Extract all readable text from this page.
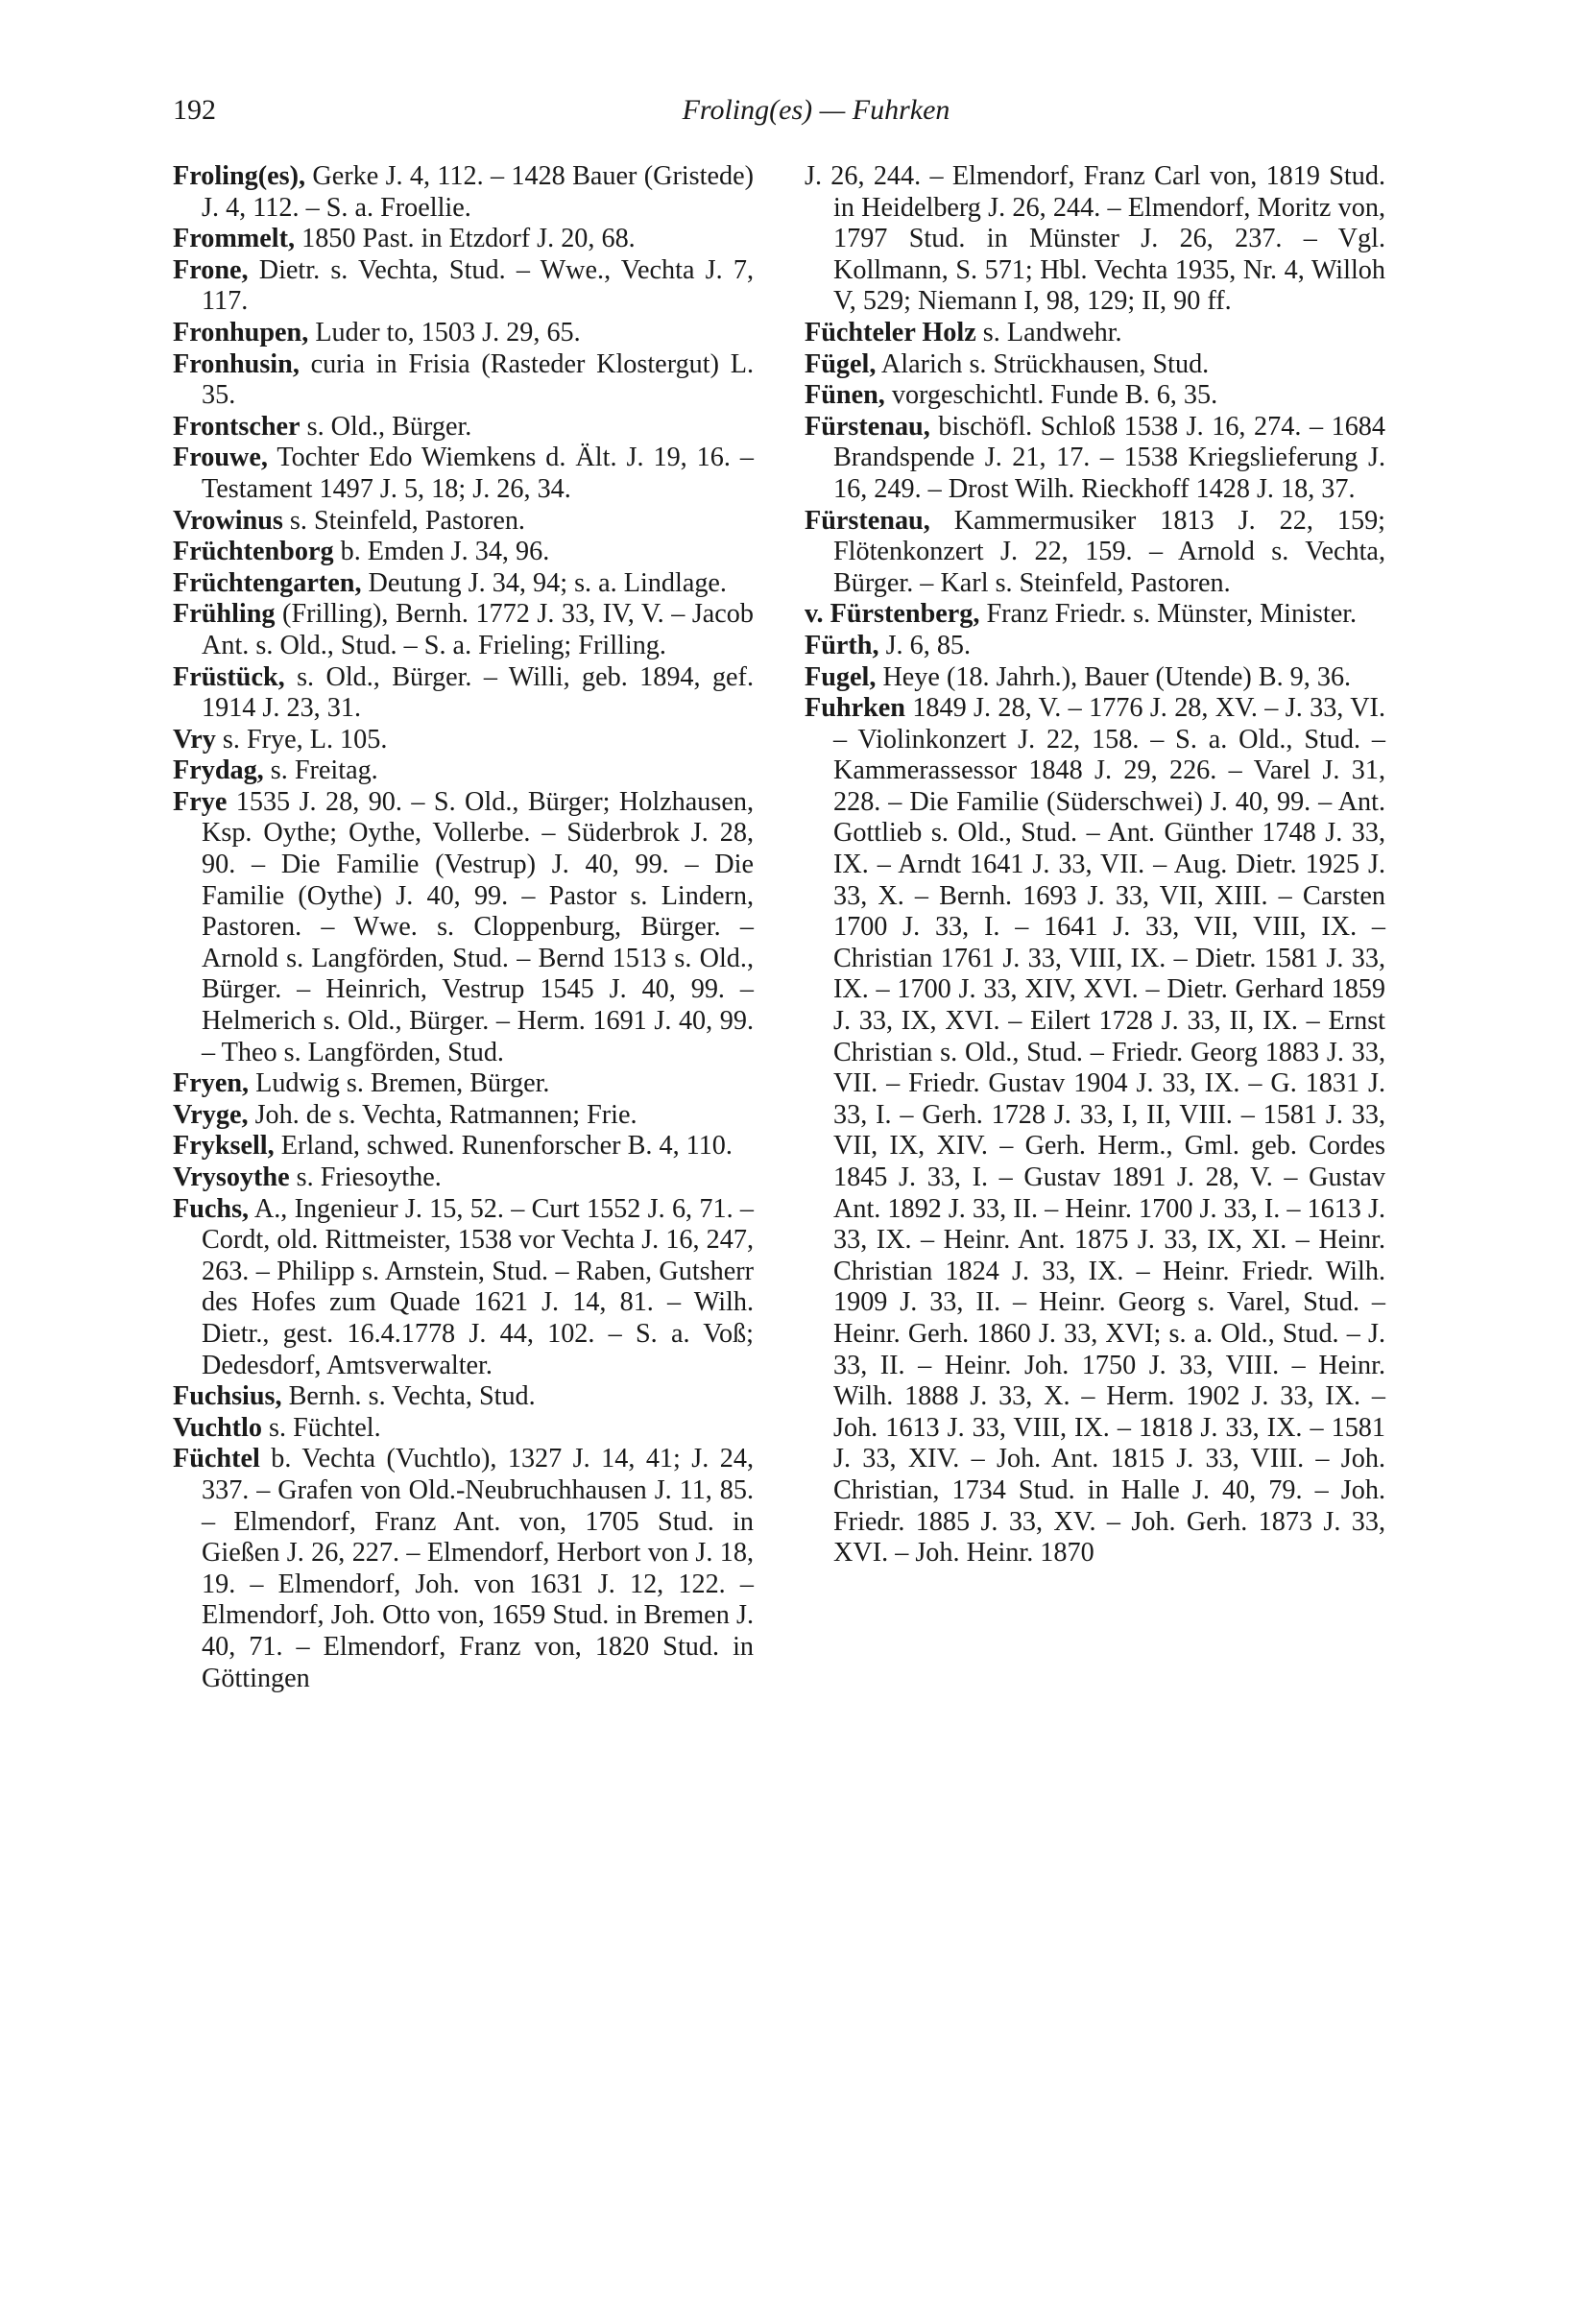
192	Froling(es) — Fuhrken

Froling(es), Gerke J. 4, 112. – 1428 Bauer (Gristede) J. 4, 112. – S. a. Froellie.

Frommelt, 1850 Past. in Etzdorf J. 20, 68.

Frone, Dietr. s. Vechta, Stud. – Wwe., Vechta J. 7, 117.

Fronhupen, Luder to, 1503 J. 29, 65.

Fronhusin, curia in Frisia (Rasteder Klostergut) L. 35.

Frontscher s. Old., Bürger.

Frouwe, Tochter Edo Wiemkens d. Ält. J. 19, 16. – Testament 1497 J. 5, 18; J. 26, 34.

Vrowinus s. Steinfeld, Pastoren.

Früchtenborg b. Emden J. 34, 96.

Früchtengarten, Deutung J. 34, 94; s. a. Lindlage.

Frühling (Frilling), Bernh. 1772 J. 33, IV, V. – Jacob Ant. s. Old., Stud. – S. a. Frieling; Frilling.

Früstück, s. Old., Bürger. – Willi, geb. 1894, gef. 1914 J. 23, 31.

Vry s. Frye, L. 105.

Frydag, s. Freitag.

Frye 1535 J. 28, 90. – S. Old., Bürger; Holzhausen, Ksp. Oythe; Oythe, Vollerbe. – Süderbrok J. 28, 90. – Die Familie (Vestrup) J. 40, 99. – Die Familie (Oythe) J. 40, 99. – Pastor s. Lindern, Pastoren. – Wwe. s. Cloppenburg, Bürger. – Arnold s. Langförden, Stud. – Bernd 1513 s. Old., Bürger. – Heinrich, Vestrup 1545 J. 40, 99. – Helmerich s. Old., Bürger. – Herm. 1691 J. 40, 99. – Theo s. Langförden, Stud.

Fryen, Ludwig s. Bremen, Bürger.

Vryge, Joh. de s. Vechta, Ratmannen; Frie.

Fryksell, Erland, schwed. Runenforscher B. 4, 110.

Vrysoythe s. Friesoythe.

Fuchs, A., Ingenieur J. 15, 52. – Curt 1552 J. 6, 71. – Cordt, old. Rittmeister, 1538 vor Vechta J. 16, 247, 263. – Philipp s. Arnstein, Stud. – Raben, Gutsherr des Hofes zum Quade 1621 J. 14, 81. – Wilh. Dietr., gest. 16.4.1778 J. 44, 102. – S. a. Voß; Dedesdorf, Amtsverwalter.

Fuchsius, Bernh. s. Vechta, Stud.

Vuchtlo s. Füchtel.

Füchtel b. Vechta (Vuchtlo), 1327 J. 14, 41; J. 24, 337. – Grafen von Old.-Neubruchhausen J. 11, 85. – Elmendorf, Franz Ant. von, 1705 Stud. in Gießen J. 26, 227. – Elmendorf, Herbort von J. 18, 19. – Elmendorf, Joh. von 1631 J. 12, 122. – Elmendorf, Joh. Otto von, 1659 Stud. in Bremen J. 40, 71. – Elmendorf, Franz von, 1820 Stud. in Göttingen

J. 26, 244. – Elmendorf, Franz Carl von, 1819 Stud. in Heidelberg J. 26, 244. – Elmendorf, Moritz von, 1797 Stud. in Münster J. 26, 237. – Vgl. Kollmann, S. 571; Hbl. Vechta 1935, Nr. 4, Willoh V, 529; Niemann I, 98, 129; II, 90 ff.

Füchteler Holz s. Landwehr.

Fügel, Alarich s. Strückhausen, Stud.

Fünen, vorgeschichtl. Funde B. 6, 35.

Fürstenau, bischöfl. Schloß 1538 J. 16, 274. – 1684 Brandspende J. 21, 17. – 1538 Kriegslieferung J. 16, 249. – Drost Wilh. Rieckhoff 1428 J. 18, 37.

Fürstenau, Kammermusiker 1813 J. 22, 159; Flötenkonzert J. 22, 159. – Arnold s. Vechta, Bürger. – Karl s. Steinfeld, Pastoren.

v. Fürstenberg, Franz Friedr. s. Münster, Minister.

Fürth, J. 6, 85.

Fugel, Heye (18. Jahrh.), Bauer (Utende) B. 9, 36.

Fuhrken 1849 J. 28, V. – 1776 J. 28, XV. – J. 33, VI. – Violinkonzert J. 22, 158. – S. a. Old., Stud. – Kammerassessor 1848 J. 29, 226. – Varel J. 31, 228. – Die Familie (Süderschwei) J. 40, 99. – Ant. Gottlieb s. Old., Stud. – Ant. Günther 1748 J. 33, IX. – Arndt 1641 J. 33, VII. – Aug. Dietr. 1925 J. 33, X. – Bernh. 1693 J. 33, VII, XIII. – Carsten 1700 J. 33, I. – 1641 J. 33, VII, VIII, IX. – Christian 1761 J. 33, VIII, IX. – Dietr. 1581 J. 33, IX. – 1700 J. 33, XIV, XVI. – Dietr. Gerhard 1859 J. 33, IX, XVI. – Eilert 1728 J. 33, II, IX. – Ernst Christian s. Old., Stud. – Friedr. Georg 1883 J. 33, VII. – Friedr. Gustav 1904 J. 33, IX. – G. 1831 J. 33, I. – Gerh. 1728 J. 33, I, II, VIII. – 1581 J. 33, VII, IX, XIV. – Gerh. Herm., Gml. geb. Cordes 1845 J. 33, I. – Gustav 1891 J. 28, V. – Gustav Ant. 1892 J. 33, II. – Heinr. 1700 J. 33, I. – 1613 J. 33, IX. – Heinr. Ant. 1875 J. 33, IX, XI. – Heinr. Christian 1824 J. 33, IX. – Heinr. Friedr. Wilh. 1909 J. 33, II. – Heinr. Georg s. Varel, Stud. – Heinr. Gerh. 1860 J. 33, XVI; s. a. Old., Stud. – J. 33, II. – Heinr. Joh. 1750 J. 33, VIII. – Heinr. Wilh. 1888 J. 33, X. – Herm. 1902 J. 33, IX. – Joh. 1613 J. 33, VIII, IX. – 1818 J. 33, IX. – 1581 J. 33, XIV. – Joh. Ant. 1815 J. 33, VIII. – Joh. Christian, 1734 Stud. in Halle J. 40, 79. – Joh. Friedr. 1885 J. 33, XV. – Joh. Gerh. 1873 J. 33, XVI. – Joh. Heinr. 1870
